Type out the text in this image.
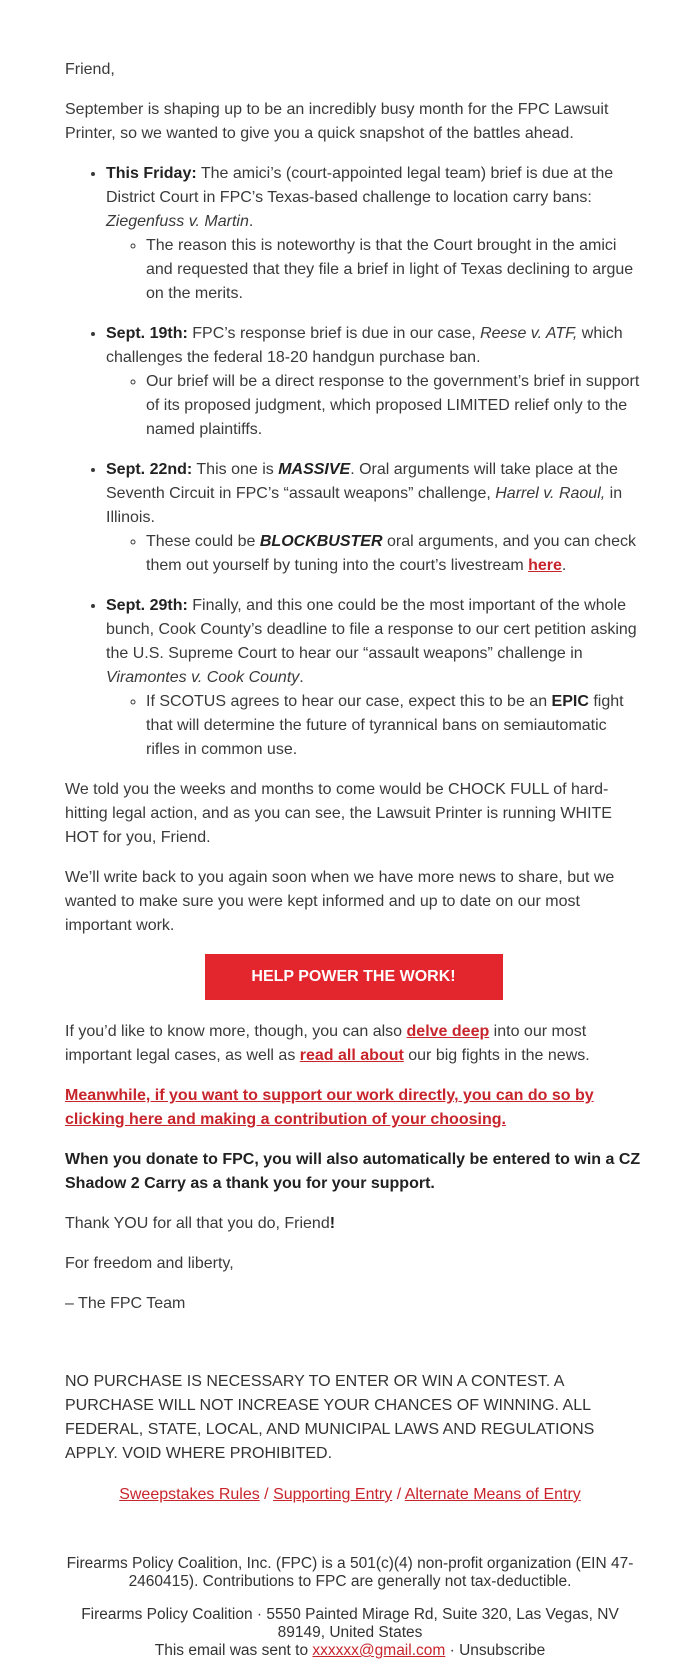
Friend,

September is shaping up to be an incredibly busy month for the FPC Lawsuit Printer, so we wanted to give you a quick snapshot of the battles ahead.

• This Friday: The amici’s (court-appointed legal team) brief is due at the District Court in FPC’s Texas-based challenge to location carry bans: Ziegenfuss v. Martin.
◦ The reason this is noteworthy is that the Court brought in the amici and requested that they file a brief in light of Texas declining to argue on the merits.
• Sept. 19th: FPC’s response brief is due in our case, Reese v. ATF, which challenges the federal 18-20 handgun purchase ban.
◦ Our brief will be a direct response to the government’s brief in support of its proposed judgment, which proposed LIMITED relief only to the named plaintiffs.
• Sept. 22nd: This one is MASSIVE. Oral arguments will take place at the Seventh Circuit in FPC’s “assault weapons” challenge, Harrel v. Raoul, in Illinois.
◦ These could be BLOCKBUSTER oral arguments, and you can check them out yourself by tuning into the court’s livestream here.
• Sept. 29th: Finally, and this one could be the most important of the whole bunch, Cook County’s deadline to file a response to our cert petition asking the U.S. Supreme Court to hear our “assault weapons” challenge in Viramontes v. Cook County.
◦ If SCOTUS agrees to hear our case, expect this to be an EPIC fight that will determine the future of tyrannical bans on semiautomatic rifles in common use.

We told you the weeks and months to come would be CHOCK FULL of hard-hitting legal action, and as you can see, the Lawsuit Printer is running WHITE HOT for you, Friend.

We’ll write back to you again soon when we have more news to share, but we wanted to make sure you were kept informed and up to date on our most important work.

HELP POWER THE WORK!

If you’d like to know more, though, you can also delve deep into our most important legal cases, as well as read all about our big fights in the news.

Meanwhile, if you want to support our work directly, you can do so by clicking here and making a contribution of your choosing.

When you donate to FPC, you will also automatically be entered to win a CZ Shadow 2 Carry as a thank you for your support.

Thank YOU for all that you do, Friend!

For freedom and liberty,

– The FPC Team

NO PURCHASE IS NECESSARY TO ENTER OR WIN A CONTEST. A PURCHASE WILL NOT INCREASE YOUR CHANCES OF WINNING. ALL FEDERAL, STATE, LOCAL, AND MUNICIPAL LAWS AND REGULATIONS APPLY. VOID WHERE PROHIBITED.
Sweepstakes Rules / Supporting Entry / Alternate Means of Entry
Firearms Policy Coalition, Inc. (FPC) is a 501(c)(4) non-profit organization (EIN 47-2460415). Contributions to FPC are generally not tax-deductible.
Firearms Policy Coalition · 5550 Painted Mirage Rd, Suite 320, Las Vegas, NV 89149, United States
This email was sent to xxxxxx@gmail.com · Unsubscribe
